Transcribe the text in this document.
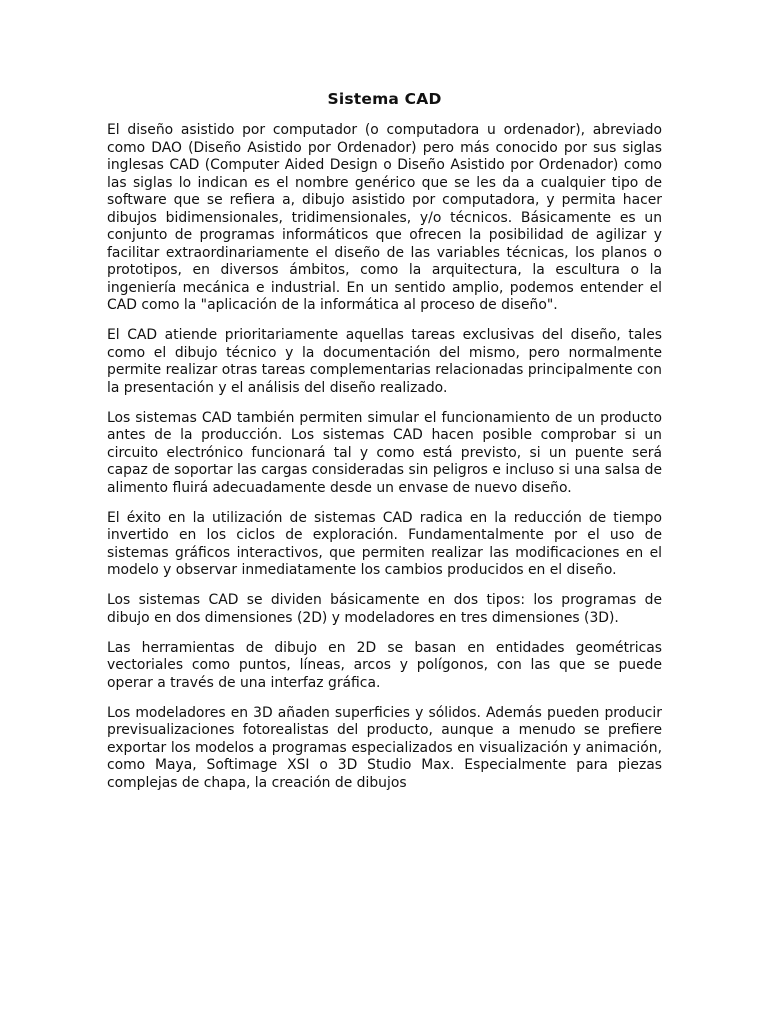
Sistema CAD

El diseño asistido por computador (o computadora u ordenador), abreviado como DAO (Diseño Asistido por Ordenador) pero más conocido por sus siglas inglesas CAD (Computer Aided Design o Diseño Asistido por Ordenador) como las siglas lo indican es el nombre genérico que se les da a cualquier tipo de software que se refiera a, dibujo asistido por computadora, y permita hacer dibujos bidimensionales, tridimensionales, y/o técnicos. Básicamente es un conjunto de programas informáticos que ofrecen la posibilidad de agilizar y facilitar extraordinariamente el diseño de las variables técnicas, los planos o prototipos, en diversos ámbitos, como la arquitectura, la escultura o la ingeniería mecánica e industrial. En un sentido amplio, podemos entender el CAD como la "aplicación de la informática al proceso de diseño".

El CAD atiende prioritariamente aquellas tareas exclusivas del diseño, tales como el dibujo técnico y la documentación del mismo, pero normalmente permite realizar otras tareas complementarias relacionadas principalmente con la presentación y el análisis del diseño realizado.

Los sistemas CAD también permiten simular el funcionamiento de un producto antes de la producción. Los sistemas CAD hacen posible comprobar si un circuito electrónico funcionará tal y como está previsto, si un puente será capaz de soportar las cargas consideradas sin peligros e incluso si una salsa de alimento fluirá adecuadamente desde un envase de nuevo diseño.

El éxito en la utilización de sistemas CAD radica en la reducción de tiempo invertido en los ciclos de exploración. Fundamentalmente por el uso de sistemas gráficos interactivos, que permiten realizar las modificaciones en el modelo y observar inmediatamente los cambios producidos en el diseño.

Los sistemas CAD se dividen básicamente en dos tipos: los programas de dibujo en dos dimensiones (2D) y modeladores en tres dimensiones (3D).

Las herramientas de dibujo en 2D se basan en entidades geométricas vectoriales como puntos, líneas, arcos y polígonos, con las que se puede operar a través de una interfaz gráfica.

Los modeladores en 3D añaden superficies y sólidos. Además pueden producir previsualizaciones fotorealistas del producto, aunque a menudo se prefiere exportar los modelos a programas especializados en visualización y animación, como Maya, Softimage XSI o 3D Studio Max. Especialmente para piezas complejas de chapa, la creación de dibujos
